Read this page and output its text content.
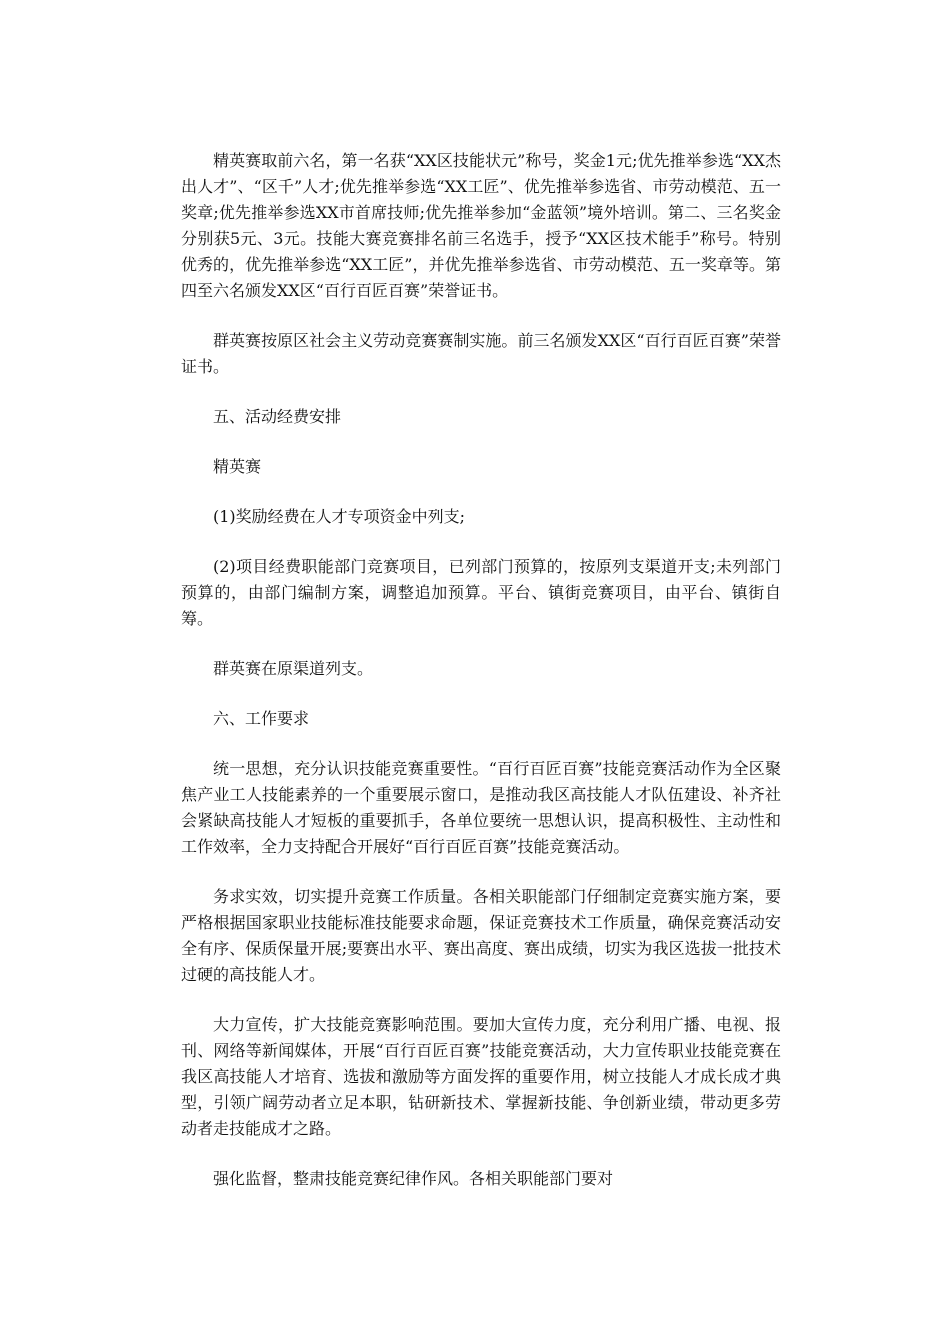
精英赛取前六名，第一名获“XX区技能状元”称号，奖金1元;优先推举参选“XX杰出人才”、“区千”人才;优先推举参选“XX工匠”、优先推举参选省、市劳动模范、五一奖章;优先推举参选XX市首席技师;优先推举参加“金蓝领”境外培训。第二、三名奖金分别获5元、3元。技能大赛竞赛排名前三名选手，授予“XX区技术能手”称号。特别优秀的，优先推举参选“XX工匠”，并优先推举参选省、市劳动模范、五一奖章等。第四至六名颁发XX区“百行百匠百赛”荣誉证书。

群英赛按原区社会主义劳动竞赛赛制实施。前三名颁发XX区“百行百匠百赛”荣誉证书。

五、活动经费安排

精英赛

(1)奖励经费在人才专项资金中列支;

(2)项目经费职能部门竞赛项目，已列部门预算的，按原列支渠道开支;未列部门预算的，由部门编制方案，调整追加预算。平台、镇街竞赛项目，由平台、镇街自筹。

群英赛在原渠道列支。

六、工作要求

统一思想，充分认识技能竞赛重要性。“百行百匠百赛”技能竞赛活动作为全区聚焦产业工人技能素养的一个重要展示窗口，是推动我区高技能人才队伍建设、补齐社会紧缺高技能人才短板的重要抓手，各单位要统一思想认识，提高积极性、主动性和工作效率，全力支持配合开展好“百行百匠百赛”技能竞赛活动。

务求实效，切实提升竞赛工作质量。各相关职能部门仔细制定竞赛实施方案，要严格根据国家职业技能标准技能要求命题，保证竞赛技术工作质量，确保竞赛活动安全有序、保质保量开展;要赛出水平、赛出高度、赛出成绩，切实为我区选拔一批技术过硬的高技能人才。

大力宣传，扩大技能竞赛影响范围。要加大宣传力度，充分利用广播、电视、报刊、网络等新闻媒体，开展“百行百匠百赛”技能竞赛活动，大力宣传职业技能竞赛在我区高技能人才培育、选拔和激励等方面发挥的重要作用，树立技能人才成长成才典型，引领广阔劳动者立足本职，钻研新技术、掌握新技能、争创新业绩，带动更多劳动者走技能成才之路。

强化监督，整肃技能竞赛纪律作风。各相关职能部门要对
